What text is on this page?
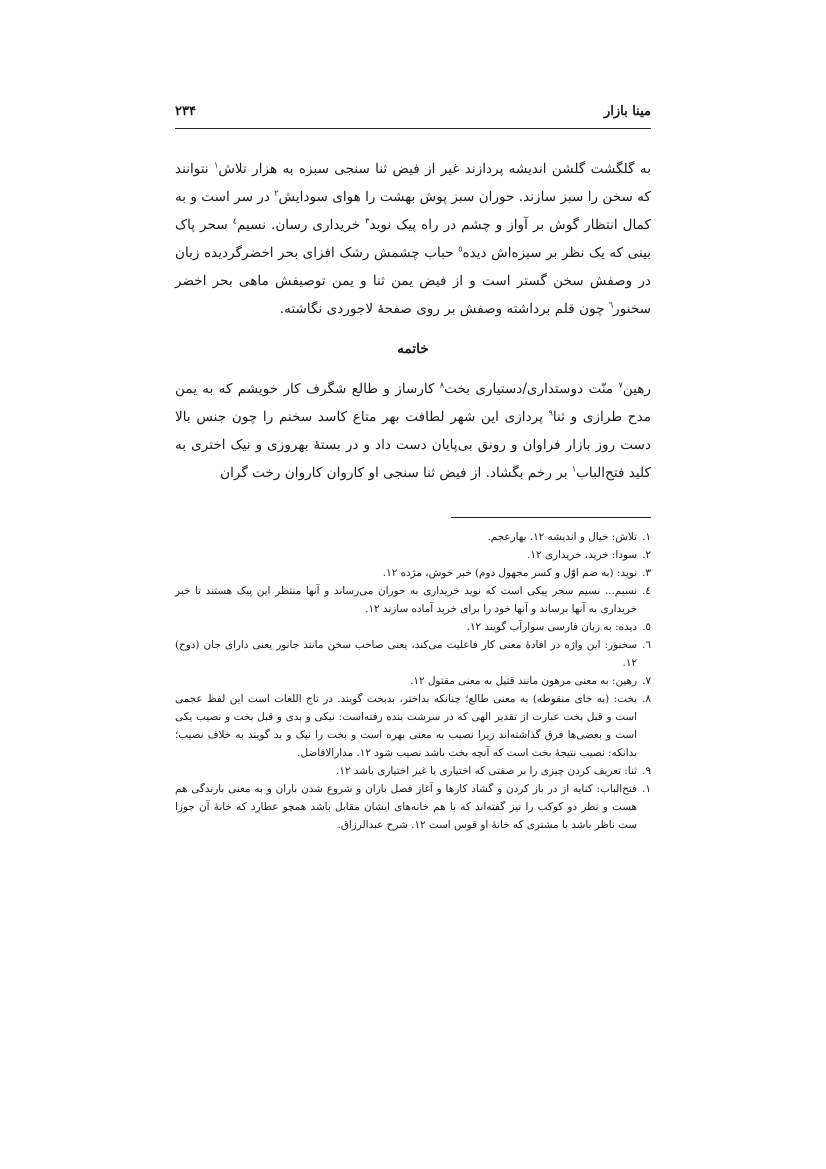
مینا بازار
۲۳۴

به گلگشت گلشن اندیشه پردازند غیر از فیض ثنا سنجی سبزه به هزار تلاش$^۱$ نتوانند که سخن را سبز سازند. حوران سبز پوش بهشت را هوای سودایش$^۲$ در سر است و به کمال انتظار گوش بر آواز و چشم در راه پیک نوید$^۳$ خریداری رسان. نسیم$^٤$ سحر پاک بینی که یک نظر بر سبزه‌اش دیده$^٥$ حباب چشمش رشک افزای بحر اخضرگردیده زبان در وصفش سخن گستر است و از فیض یمن ثنا و یمن توصیفش ماهی بحر اخضر سخنور$^٦$ چون قلم برداشته وصفش بر روی صفحهٔ لاجوردی نگاشته.

خاتمه

رهین$^۷$ منّت دوستداری/دستیاری بخت$^۸$ کارساز و طالع شگرف کار خویشم که به یمن مدح طرازی و ثنا$^۹$ پردازی این شهر لطافت بهر متاع کاسد سخنم را چون جنس بالا دست روز بازار فراوان و رونق بی‌پایان دست داد و در بستهٔ بهروزی و نیک اختری به کلید فتح‌الباب$^۱$ بر رخم بگشاد. از فیض ثنا سنجی او کاروان کاروان رخت گران

۱.
تلاش: خیال و اندیشه ۱۲. بهارعجم.
۲.
سودا: خرید، خریداری ۱۲.
۳.
نوید: (به ضم اوّل و کسر مجهول دوم) خبر خوش، مژده ۱۲.
٤.
نسیم... نسیم سحر پیکی است که نوید خریداری به حوران می‌رساند و آنها منتظر این پیک هستند تا خبر خریداری به آنها برساند و آنها خود را برای خرید آماده سازند ۱۲.
٥.
دیده: به زبان فارسی سوارآب گویند ۱۲.
٦.
سخنور: این واژه در افادهٔ معنی کار فاعلیت می‌کند، یعنی صاحب سخن مانند جانور یعنی دارای جان (دوح) ۱۲.
۷.
رهین: به معنی مرهون مانند قتیل به معنی مقتول ۱۲.
۸.
بخت: (به خای منقوطه) به معنی طالع؛ چنانکه بداختر، بدبخت گویند. در تاج اللغات است این لفظ عجمی است و قبل بخت عبارت از تقدیر الهی که در سرشت بنده رفته‌است: نیکی و بدی و قبل بخت و نصیب یکی است و بعضی‌ها فرق گذاشته‌اند زیرا نصیب به معنی بهره است و بخت را نیک و بد گویند به خلاف نصیب؛ بدانکه: نصیب نتیجهٔ بخت است که آنچه بخت باشد نصیب شود ۱۲. مدارالافاضل.
۹.
ثنا: تعریف کردن چیزی را بر صفتی که اختیاری یا غیر اختیاری باشد ۱۲.
۱.
فتح‌الباب: کنایه از در باز کردن و گشاد کارها و آغاز فصل باران و شروع شدن باران و به معنی بارندگی هم هست و نظر دو کوکب را نیز گفته‌اند که با هم خانه‌های ایشان مقابل باشد همچو عطارد که خانهٔ آن جوزا ست ناظر باشد با مشتری که خانهٔ او قوس است ۱۲. شرح عبدالرزاق.
